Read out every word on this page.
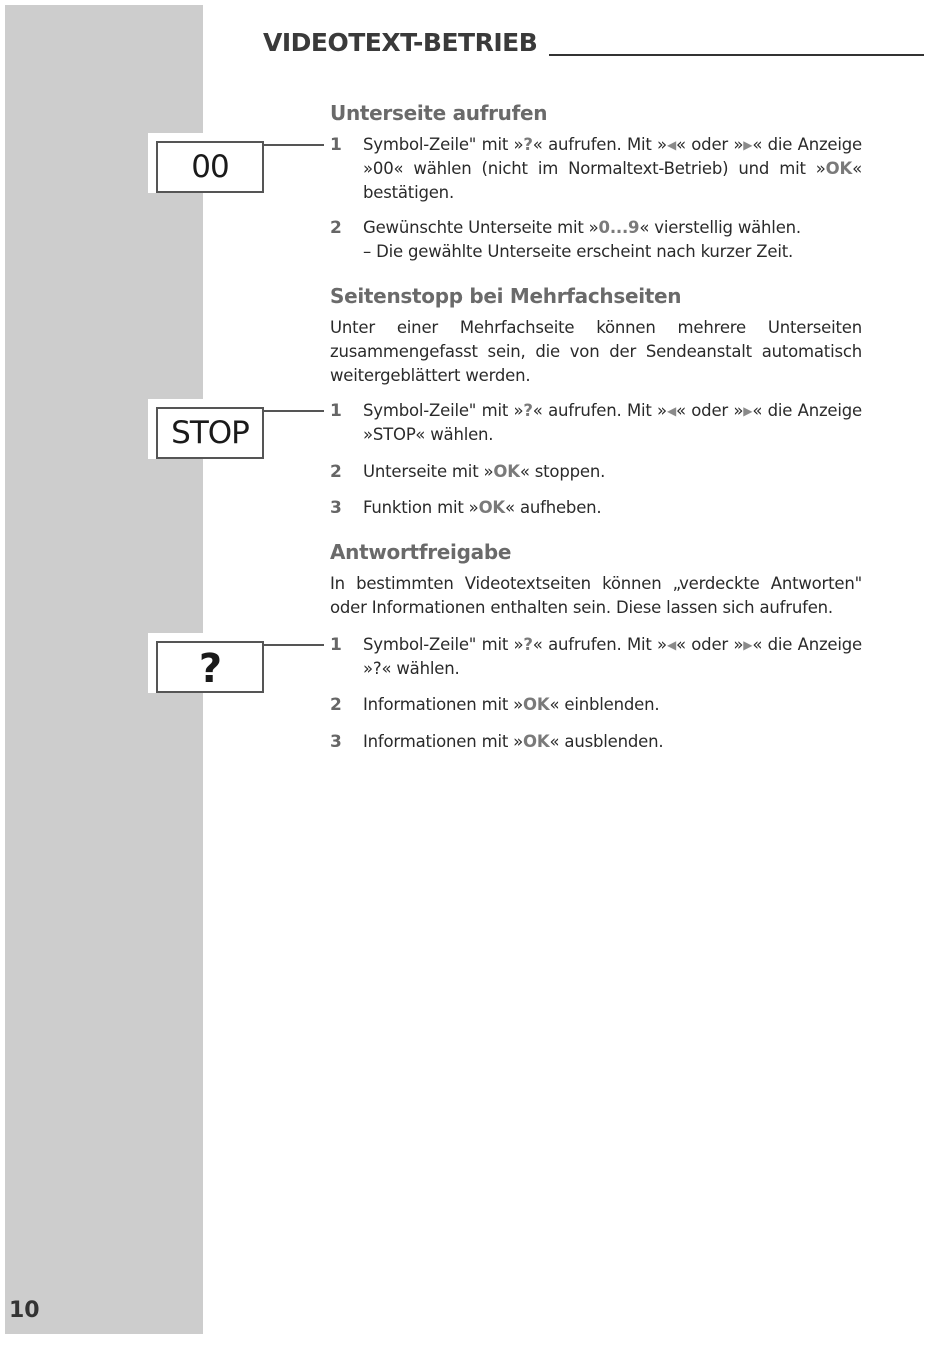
VIDEOTEXT-BETRIEB
00
Unterseite aufrufen
1	Symbol-Zeile" mit »?« aufrufen. Mit »◀« oder »▶« die Anzeige »00« wählen (nicht im Normaltext-Betrieb) und mit »OK« bestätigen.
2	Gewünschte Unterseite mit »0...9« vierstellig wählen.
– Die gewählte Unterseite erscheint nach kurzer Zeit.
Seitenstopp bei Mehrfachseiten
Unter einer Mehrfachseite können mehrere Unterseiten zusammengefasst sein, die von der Sendeanstalt automatisch weitergeblättert werden.
STOP
1	Symbol-Zeile" mit »?« aufrufen. Mit »◀« oder »▶« die Anzeige »STOP« wählen.
2	Unterseite mit »OK« stoppen.
3	Funktion mit »OK« aufheben.
Antwortfreigabe
In bestimmten Videotextseiten können „verdeckte Antworten" oder Informationen enthalten sein. Diese lassen sich aufrufen.
?
1	Symbol-Zeile" mit »?« aufrufen. Mit »◀« oder »▶« die Anzeige »?« wählen.
2	Informationen mit »OK« einblenden.
3	Informationen mit »OK« ausblenden.
10
